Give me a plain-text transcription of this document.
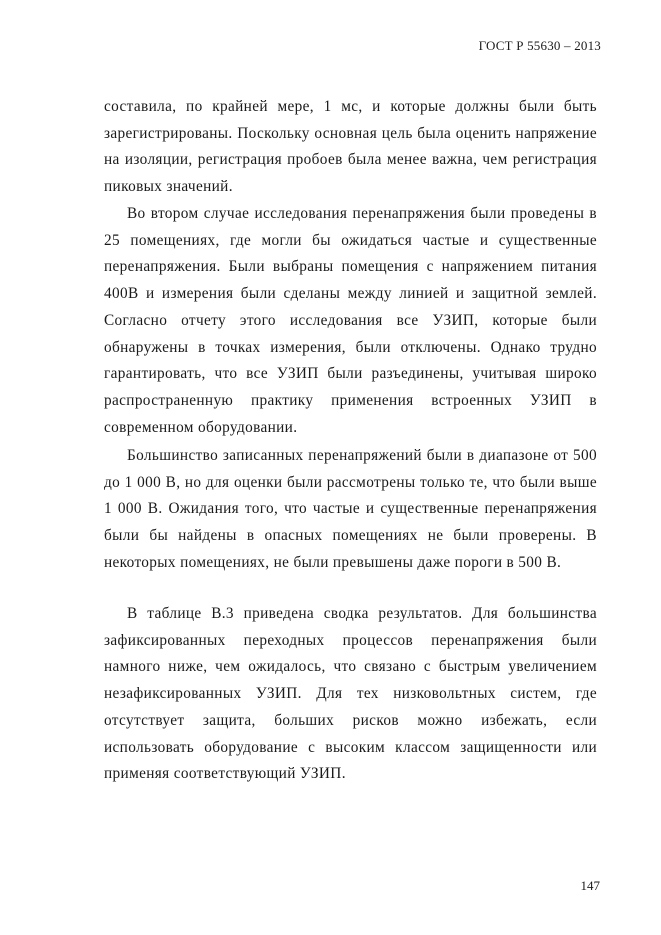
ГОСТ Р 55630 – 2013

составила, по крайней мере, 1 мс, и которые должны были быть зарегистрированы. Поскольку основная цель была оценить напряжение на изоляции, регистрация пробоев была менее важна, чем регистрация пиковых значений.

Во втором случае исследования перенапряжения были проведены в 25 помещениях, где могли бы ожидаться частые и существенные перенапряжения. Были выбраны помещения с напряжением питания 400В и измерения были сделаны между линией и защитной землей. Согласно отчету этого исследования все УЗИП, которые были обнаружены в точках измерения, были отключены. Однако трудно гарантировать, что все УЗИП были разъединены, учитывая широко распространенную практику применения встроенных УЗИП в современном оборудовании.

Большинство записанных перенапряжений были в диапазоне от 500 до 1 000 В, но для оценки были рассмотрены только те, что были выше 1 000 В. Ожидания того, что частые и существенные перенапряжения были бы найдены в опасных помещениях не были проверены. В некоторых помещениях, не были превышены даже пороги в 500 В.

В таблице В.3 приведена сводка результатов. Для большинства зафиксированных переходных процессов перенапряжения были намного ниже, чем ожидалось, что связано с быстрым увеличением незафиксированных УЗИП. Для тех низковольтных систем, где отсутствует защита, больших рисков можно избежать, если использовать оборудование с высоким классом защищенности или применяя соответствующий УЗИП.

147
